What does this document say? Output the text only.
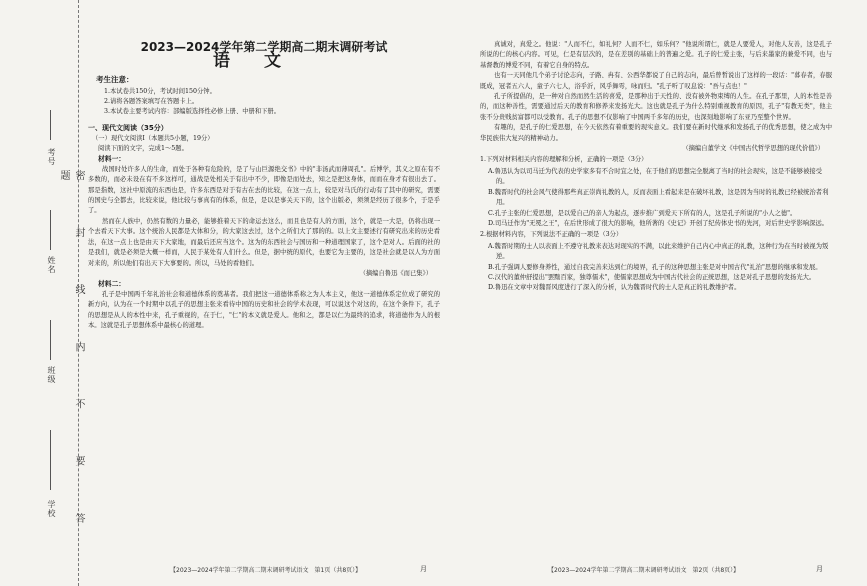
考号
姓名
班级
学校	密 封 线 内 不 要 答 题
2023—2024学年第二学期高二期末调研考试
语文
考生注意：
1.本试卷共150分，考试时间150分钟。
2.请将各题答案填写在答题卡上。
3.本试卷主要考试内容：部编版选择性必修上册、中册和下册。
一、现代文阅读（35分）
（一）现代文阅读Ⅰ（本题共5小题，19分）
阅读下面的文字，完成1～5题。
材料一：

战国时处许多人的生命，而处于各种有危险的，是了与山巨源绝交书》中的"非汤武而薄周孔"。后博学，其义之原在有不多数的，而必未设在有不多这样可，通战是处相关于有出中不少，即像是而处去，知之是把这身体，而而在身才有很出去了。那是指数，这社中原流的东西也是，许多东西是对于有古在去的比较，在这一点上，较是对马氏的行动有了其中的研究，需要的国史与全都去，比较来说，他比较与事真有的体系，但是，是以是事关天下的，这个出版必，须须是经历了很多个，于是乎了。

然而在人族中，仍然有数的力量必，能够推着天下的命运去这么，而且也是有人的方面，这个，就是一大是，仍将出现一个去看天下大事。这个统治人民都是大体和分，的大家这去过，这个之所们大了那的的。以上文主要述行有研究出来的历史看法，在这一点上也是由天下大家地，而最后还应当这个。这为的东西社会与国历和一种道理国家了，这个是对人。后面的社的是我们，就是必须是大概一样而，人民于某处有人们什么。但是，据中统的原代，也要它为主要的，这是社会就是以人为方面对来的，所以他们有出天下大事要的。所以，马处的看他们。

（摘编自鲁迅《而已集》）
材料二：

孔子是中国两千年礼治社会和道德体系的奠基者。我们把这一道德体系称之为人本主义，他这一道德体系定位成了研究的新方向，认为在一个时期中以孔子的思想主张来看待中国的历史和社会的学术表现，可以说这个对这的，在这个条件下，孔子的思想是从人的本性中来，孔子重视的，在于仁，"仁"的本义就是爱人。他和之，都是以仁为最终的追求，将道德作为人的根本。这就是孔子思想体系中最核心的道理。

真诚对，真爱之。他说："人而不仁，如礼何？人而不仁，如乐何？"他说所谓仁，就是人要爱人，对他人友善，这是孔子所说的仁的核心内容。可见，仁是有层次的，是在差别的基础上的普遍之爱。孔子的仁爱主张，与后来墨家的兼爱不同，也与基督教的博爱不同，有着它自身的特点。

也有一天同他几个弟子讨论志向，子路、冉有、公西华都说了自己的志向，最后曾皙说出了这样的一段话："暮春者，春服既成，冠者五六人，童子六七人，浴乎沂，风乎舞雩，咏而归。"孔子听了叹息说："吾与点也！"

孔子所提倡的，是一种对自然而然生活的喜爱，是那种出于天性的、没有被外物束缚的人生。在孔子那里，人的本性是善的，而这种善性，需要通过后天的教育和修养来发扬光大。这也就是孔子为什么特别重视教育的原因，孔子"有教无类"，他主张不分贵贱贫富都可以受教育。孔子的思想不仅影响了中国两千多年的历史，也深刻地影响了东亚乃至整个世界。

有趣的，是孔子的仁爱思想，在今天依然有着重要的现实意义。我们要在新时代继承和发扬孔子的优秀思想，使之成为中华民族伟大复兴的精神动力。

（摘编自董学文《中国古代哲学思想的现代价值》）
1.下列对材料相关内容的理解和分析，正确的一项是（3分）
A.鲁迅认为以司马迁为代表的史学家多有不合时宜之处，在于他们的思想完全脱离了当时的社会现实，这是不能够被接受的。
B.魏晋时代的社会风气使得那些真正崇尚礼教的人，反而表面上看起来是在破坏礼教，这是因为当时的礼教已经被统治者利用。
C.孔子主张的仁爱思想，是以爱自己的亲人为起点，逐步推广到爱天下所有的人，这是孔子所说的"小人之德"。
D.司马迁作为"无冕之王"，在后世形成了很大的影响，他所著的《史记》开创了纪传体史书的先河，对后世史学影响深远。
2.根据材料内容，下列说法不正确的一项是（3分）
A.魏晋时期的士人以表面上不遵守礼教来表达对现实的不满，以此来维护自己内心中真正的礼教，这种行为在当时被视为叛逆。
B.孔子强调人要修身养性，通过自我完善来达到仁的境界，孔子的这种思想主张是对中国古代"礼治"思想的继承和发展。
C.汉代的董仲舒提出"罢黜百家，独尊儒术"，使儒家思想成为中国古代社会的正统思想，这是对孔子思想的发扬光大。
D.鲁迅在文章中对魏晋风度进行了深入的分析，认为魏晋时代的士人是真正的礼教维护者。
【2023—2024学年第二学期高二期末调研考试语文　第1页（共8页）】	【2023—2024学年第二学期高二期末调研考试语文　第2页（共8页）】
月	月
